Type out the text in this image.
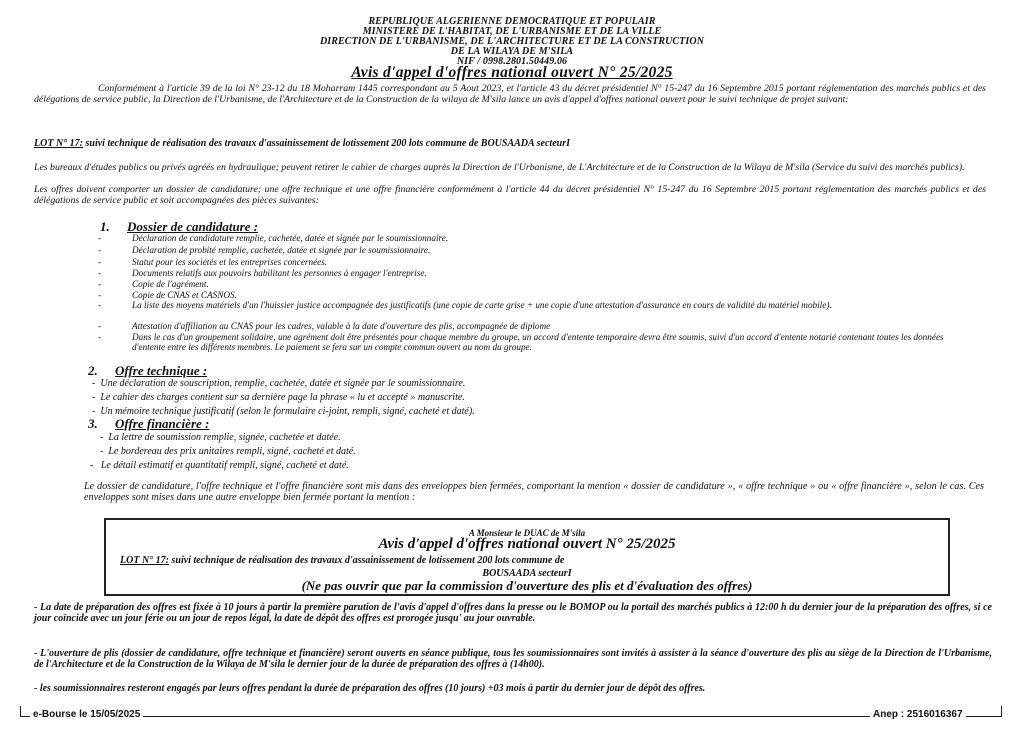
REPUBLIQUE ALGERIENNE DEMOCRATIQUE ET POPULAIR
MINISTERE DE L'HABITAT, DE L'URBANISME ET DE LA VILLE
DIRECTION DE L'URBANISME, DE L'ARCHITECTURE ET DE LA CONSTRUCTION
DE LA WILAYA DE M'SILA
NIF / 0998.2801.50449.06
Avis d'appel d'offres national ouvert N° 25/2025
Conformément à l'article 39 de la loi N° 23-12 du 18 Moharram 1445 correspondant au 5 Aout 2023, et l'article 43 du décret présidentiel N° 15-247 du 16 Septembre 2015 portant réglementation des marchés publics et des délégations de service public, la Direction de l'Urbanisme, de l'Architecture et de la Construction de la wilaya de M'sila lance un avis d'appel d'offres national ouvert pour le suivi technique de projet suivant:
LOT N° 17: suivi technique de réalisation des travaux d'assainissement de lotissement 200 lots commune de BOUSAADA secteurI
Les bureaux d'études publics ou privés agréés en hydraulique; peuvent retirer le cahier de charges auprès la Direction de l'Urbanisme, de L'Architecture et de la Construction de la Wilaya de M'sila (Service du suivi des marchés publics).
Les offres doivent comporter un dossier de candidature; une offre technique et une offre financière conformément à l'article 44 du décret présidentiel N° 15-247 du 16 Septembre 2015 portant réglementation des marchés publics et des délégations de service public et soit accompagnées des pièces suivantes:
1. Dossier de candidature :
-	Déclaration de candidature remplie, cachetée, datée et signée par le soumissionnaire.
-	Déclaration de probité remplie, cachetée, datée et signée par le soumissionnaire.
-	Statut pour les sociétés et les entreprises concernées.
-	Documents relatifs aux pouvoirs habilitant les personnes à engager l'entreprise.
-	Copie de l'agrément.
-	Copie de CNAS et CASNOS.
-	La liste des moyens matériels d'un l'huissier justice accompagnée des justificatifs (une copie de carte grise + une copie d'une attestation d'assurance en cours de validité du matériel mobile).
-	Attestation d'affiliation au CNAS pour les cadres, valable à la date d'ouverture des plis, accompagnée de diplome
-	Dans le cas d'un groupement solidaire, une agrément doit être présentés pour chaque membre du groupe, un accord d'entente temporaire devra être soumis, suivi d'un accord d'entente notarié contenant toutes les données d'entente entre les différents membres. Le paiement se fera sur un compte commun ouvert au nom du groupe.
2. Offre technique :
-  Une déclaration de souscription, remplie, cachetée, datée et signée par le soumissionnaire.
-  Le cahier des charges contient sur sa dernière page la phrase « lu et accepté » manuscrite.
-  Un mémoire technique justificatif (selon le formulaire ci-joint, rempli, signé, cacheté et daté).
3. Offre financière :
-  La lettre de soumission remplie, signée, cachetée et datée.
-  Le bordereau des prix unitaires rempli, signé, cacheté et daté.
-   Le détail estimatif et quantitatif rempli, signé, cacheté et daté.
Le dossier de candidature, l'offre technique et l'offre financière sont mis dans des enveloppes bien fermées, comportant la mention « dossier de candidature », « offre technique » ou « offre financière », selon le cas. Ces enveloppes sont mises dans une autre enveloppe bien fermée portant la mention :
A Monsieur le DUAC de M'sila
Avis d'appel d'offres national ouvert N° 25/2025
LOT N° 17: suivi technique de réalisation des travaux d'assainissement de lotissement 200 lots commune de
BOUSAADA secteurI
(Ne pas ouvrir que par la commission d'ouverture des plis et d'évaluation des offres)
- La date de préparation des offres est fixée à 10 jours à partir la première parution de l'avis d'appel d'offres dans la presse ou le BOMOP ou la portail des marchés publics à 12:00 h du dernier jour de la préparation des offres, si ce jour coïncide avec un jour férie ou un jour de repos légal, la date de dépôt des offres est prorogée jusqu' au jour ouvrable.
- L'ouverture de plis (dossier de candidature, offre technique et financière) seront ouverts en séance publique, tous les soumissionnaires sont invités à assister à la séance d'ouverture des plis au siège de la Direction de l'Urbanisme, de l'Architecture et de la Construction de la Wilaya de M'sila le dernier jour de la durée de préparation des offres à (14h00).
- les soumissionnaires resteront engagés par leurs offres pendant la durée de préparation des offres (10 jours) +03 mois à partir du dernier jour de dépôt des offres.
e-Bourse le 15/05/2025	Anep : 2516016367
